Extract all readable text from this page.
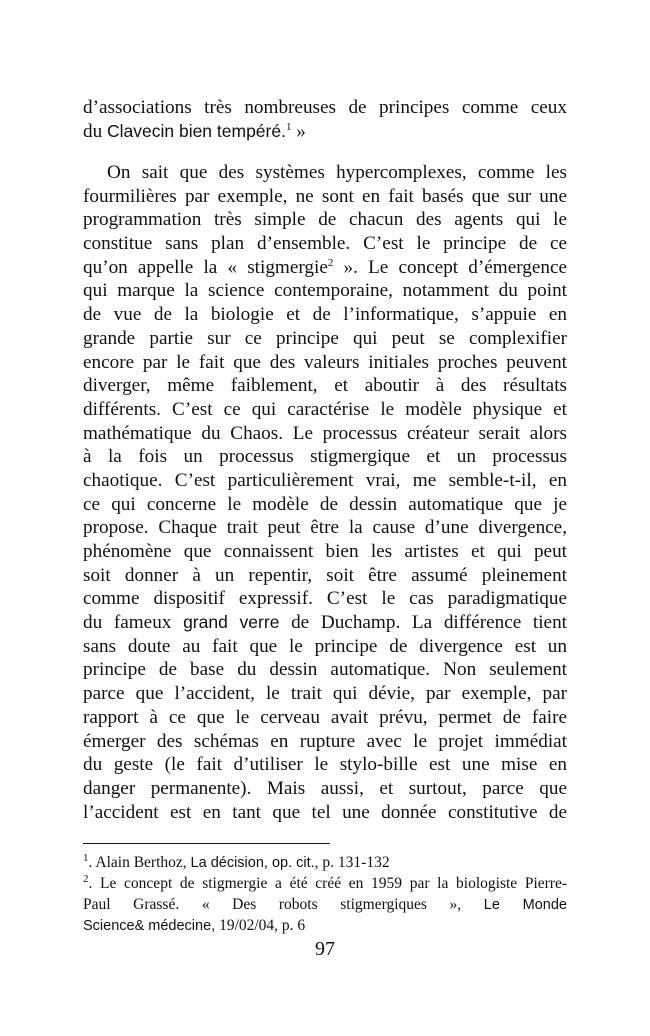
d’associations très nombreuses de principes comme ceux
du Clavecin bien tempéré.$^1$ »
On sait que des systèmes hypercomplexes, comme les
fourmilières par exemple, ne sont en fait basés que sur une
programmation très simple de chacun des agents qui le
constitue sans plan d’ensemble. C’est le principe de ce
qu’on appelle la « stigmergie$^2$ ». Le concept d’émergence
qui marque la science contemporaine, notamment du point
de vue de la biologie et de l’informatique, s’appuie en
grande partie sur ce principe qui peut se complexifier
encore par le fait que des valeurs initiales proches peuvent
diverger, même faiblement, et aboutir à des résultats
différents. C’est ce qui caractérise le modèle physique et
mathématique du Chaos. Le processus créateur serait alors
à la fois un processus stigmergique et un processus
chaotique. C’est particulièrement vrai, me semble-t-il, en
ce qui concerne le modèle de dessin automatique que je
propose. Chaque trait peut être la cause d’une divergence,
phénomène que connaissent bien les artistes et qui peut
soit donner à un repentir, soit être assumé pleinement
comme dispositif expressif. C’est le cas paradigmatique
du fameux grand verre de Duchamp. La différence tient
sans doute au fait que le principe de divergence est un
principe de base du dessin automatique. Non seulement
parce que l’accident, le trait qui dévie, par exemple, par
rapport à ce que le cerveau avait prévu, permet de faire
émerger des schémas en rupture avec le projet immédiat
du geste (le fait d’utiliser le stylo-bille est une mise en
danger permanente). Mais aussi, et surtout, parce que
l’accident est en tant que tel une donnée constitutive de
$^1$. Alain Berthoz, La décision, op. cit., p. 131-132
$^2$. Le concept de stigmergie a été créé en 1959 par la biologiste Pierre-
Paul Grassé. « Des robots stigmergiques », Le Monde
Science& médecine, 19/02/04, p. 6
97
